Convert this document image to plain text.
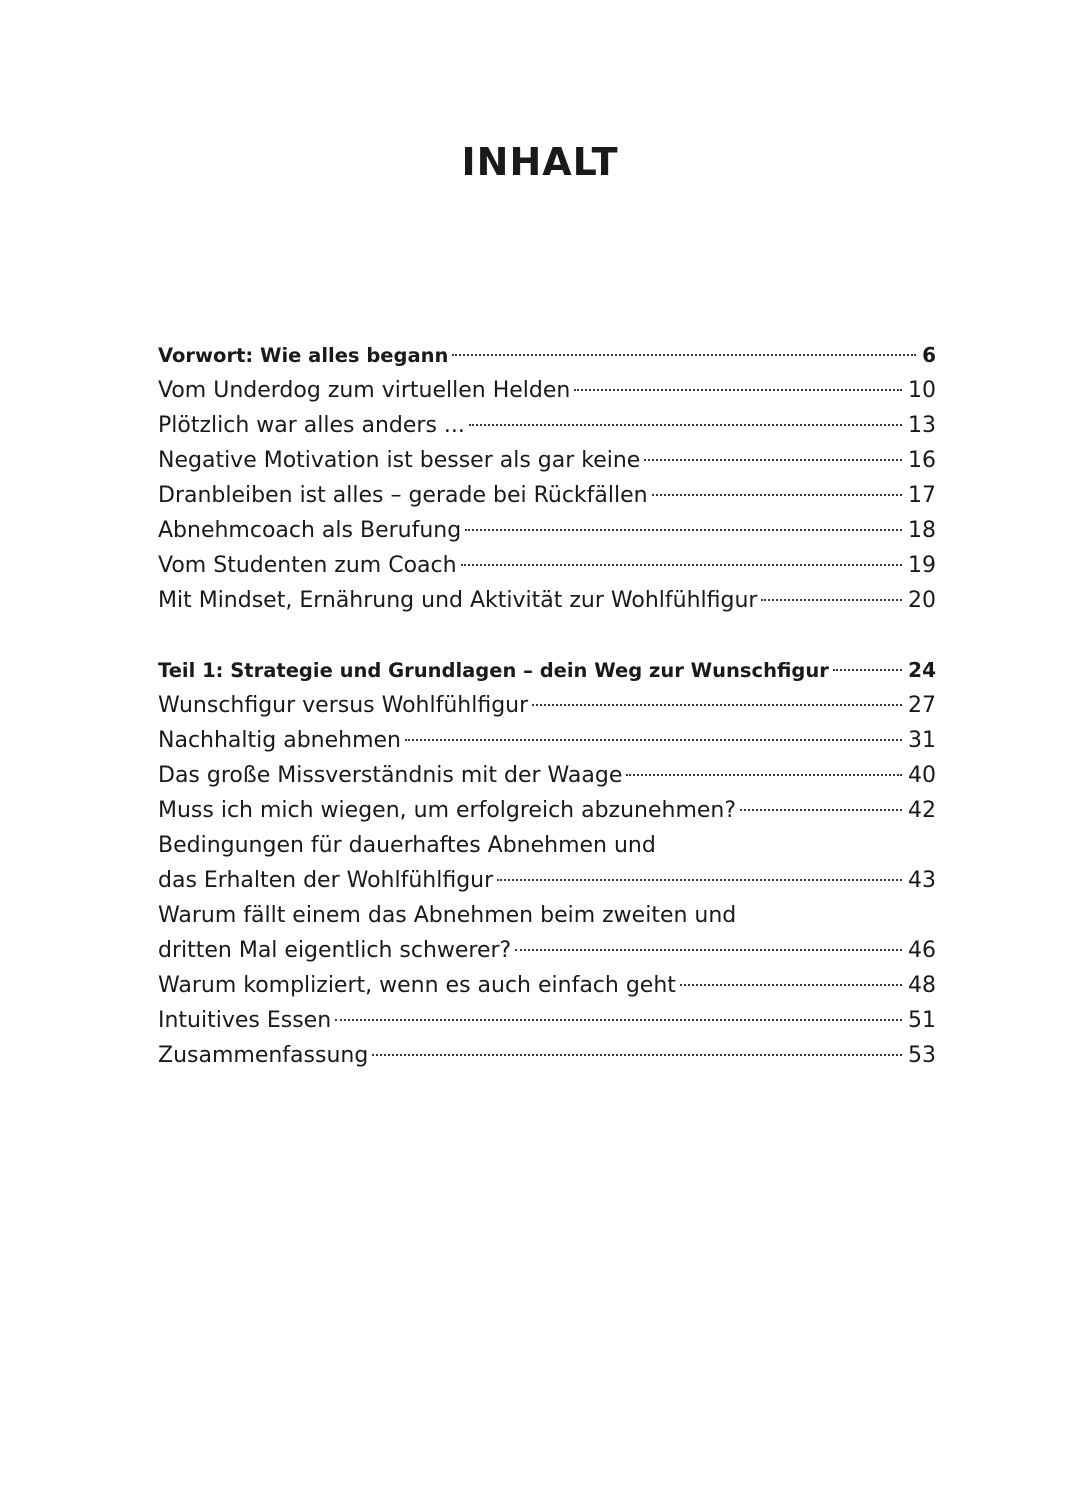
INHALT
Vorwort: Wie alles begann	6
Vom Underdog zum virtuellen Helden	10
Plötzlich war alles anders ...	13
Negative Motivation ist besser als gar keine	16
Dranbleiben ist alles – gerade bei Rückfällen	17
Abnehmcoach als Berufung	18
Vom Studenten zum Coach	19
Mit Mindset, Ernährung und Aktivität zur Wohlfühlfigur	20
Teil 1: Strategie und Grundlagen – dein Weg zur Wunschfigur	24
Wunschfigur versus Wohlfühlfigur	27
Nachhaltig abnehmen	31
Das große Missverständnis mit der Waage	40
Muss ich mich wiegen, um erfolgreich abzunehmen?	42
Bedingungen für dauerhaftes Abnehmen und
das Erhalten der Wohlfühlfigur	43
Warum fällt einem das Abnehmen beim zweiten und
dritten Mal eigentlich schwerer?	46
Warum kompliziert, wenn es auch einfach geht	48
Intuitives Essen	51
Zusammenfassung	53
